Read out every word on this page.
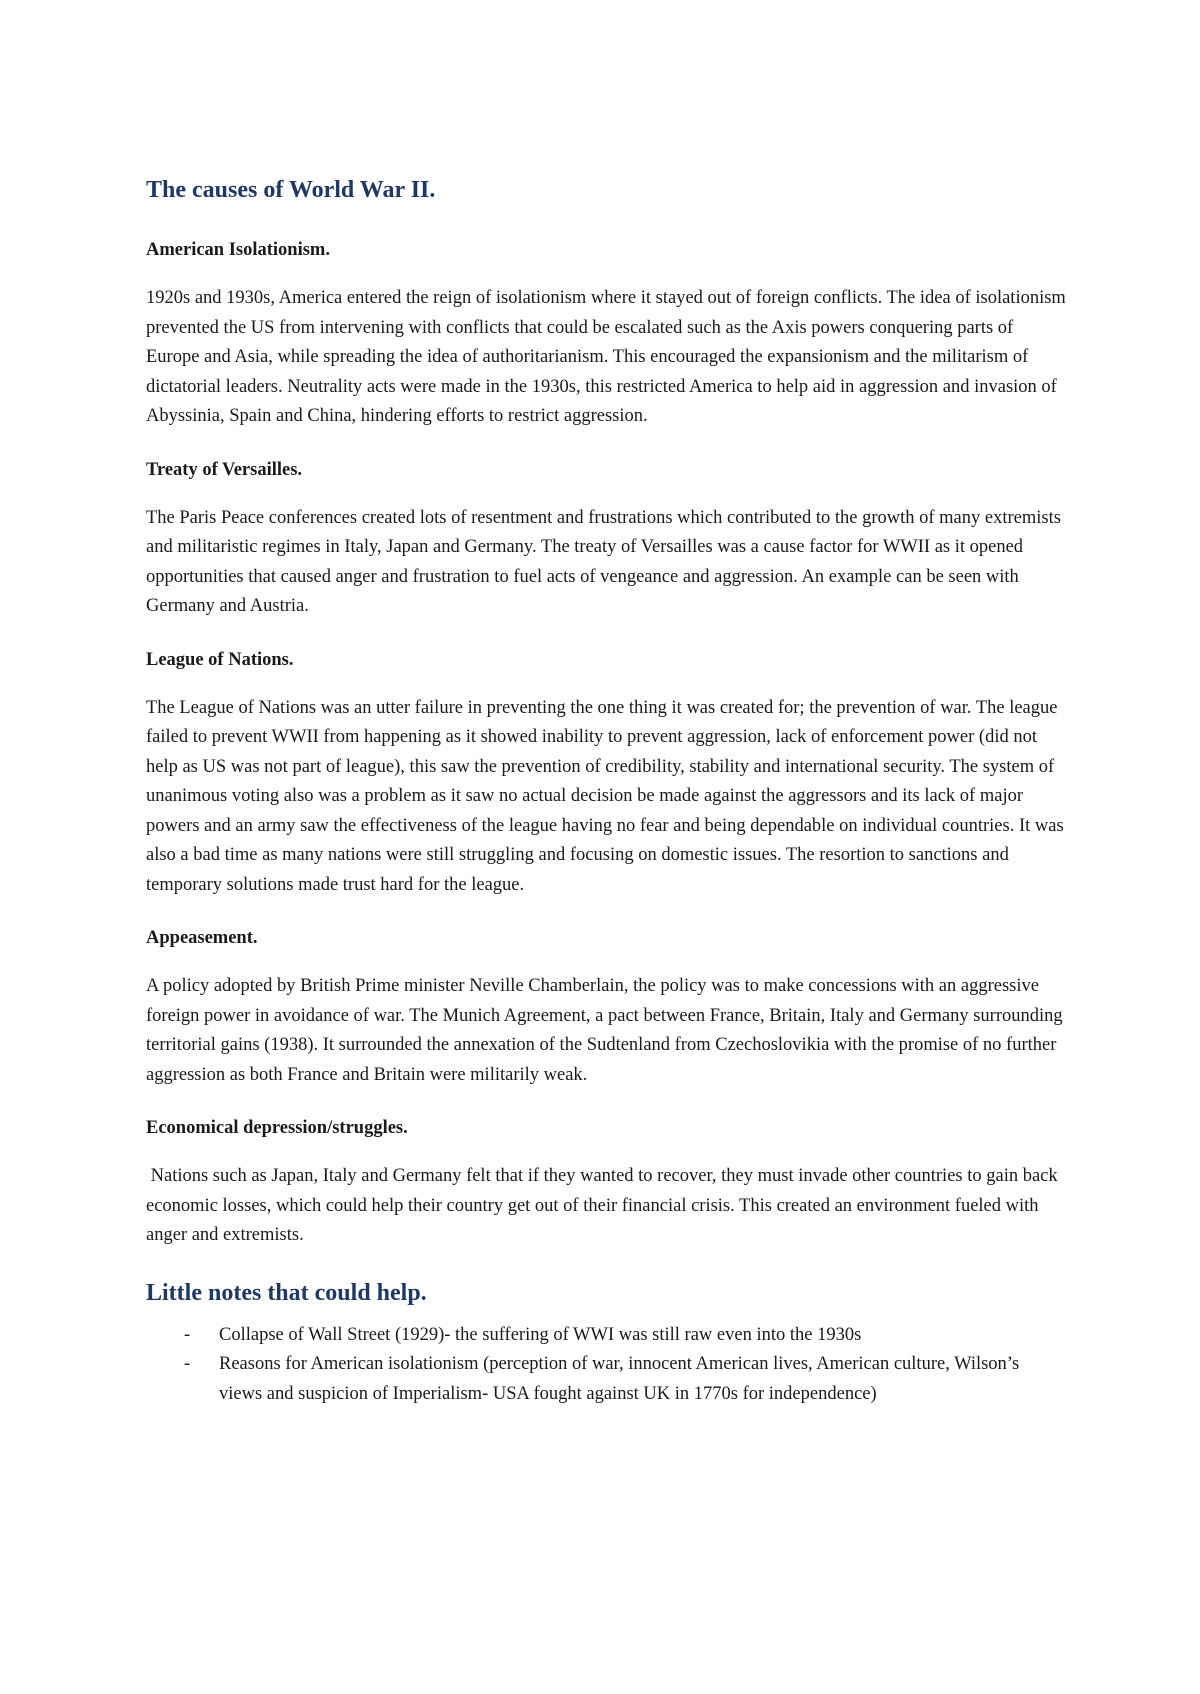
The causes of World War II.
American Isolationism.

1920s and 1930s, America entered the reign of isolationism where it stayed out of foreign conflicts. The idea of isolationism prevented the US from intervening with conflicts that could be escalated such as the Axis powers conquering parts of Europe and Asia, while spreading the idea of authoritarianism. This encouraged the expansionism and the militarism of dictatorial leaders. Neutrality acts were made in the 1930s, this restricted America to help aid in aggression and invasion of Abyssinia, Spain and China, hindering efforts to restrict aggression.

Treaty of Versailles.

The Paris Peace conferences created lots of resentment and frustrations which contributed to the growth of many extremists and militaristic regimes in Italy, Japan and Germany. The treaty of Versailles was a cause factor for WWII as it opened opportunities that caused anger and frustration to fuel acts of vengeance and aggression. An example can be seen with Germany and Austria.

League of Nations.

The League of Nations was an utter failure in preventing the one thing it was created for; the prevention of war. The league failed to prevent WWII from happening as it showed inability to prevent aggression, lack of enforcement power (did not help as US was not part of league), this saw the prevention of credibility, stability and international security. The system of unanimous voting also was a problem as it saw no actual decision be made against the aggressors and its lack of major powers and an army saw the effectiveness of the league having no fear and being dependable on individual countries. It was also a bad time as many nations were still struggling and focusing on domestic issues. The resortion to sanctions and temporary solutions made trust hard for the league.

Appeasement.

A policy adopted by British Prime minister Neville Chamberlain, the policy was to make concessions with an aggressive foreign power in avoidance of war. The Munich Agreement, a pact between France, Britain, Italy and Germany surrounding territorial gains (1938). It surrounded the annexation of the Sudtenland from Czechoslovikia with the promise of no further aggression as both France and Britain were militarily weak.

Economical depression/struggles.

Nations such as Japan, Italy and Germany felt that if they wanted to recover, they must invade other countries to gain back economic losses, which could help their country get out of their financial crisis. This created an environment fueled with anger and extremists.

Little notes that could help.
- Collapse of Wall Street (1929)- the suffering of WWI was still raw even into the 1930s
- Reasons for American isolationism (perception of war, innocent American lives, American culture, Wilson’s views and suspicion of Imperialism- USA fought against UK in 1770s for independence)
